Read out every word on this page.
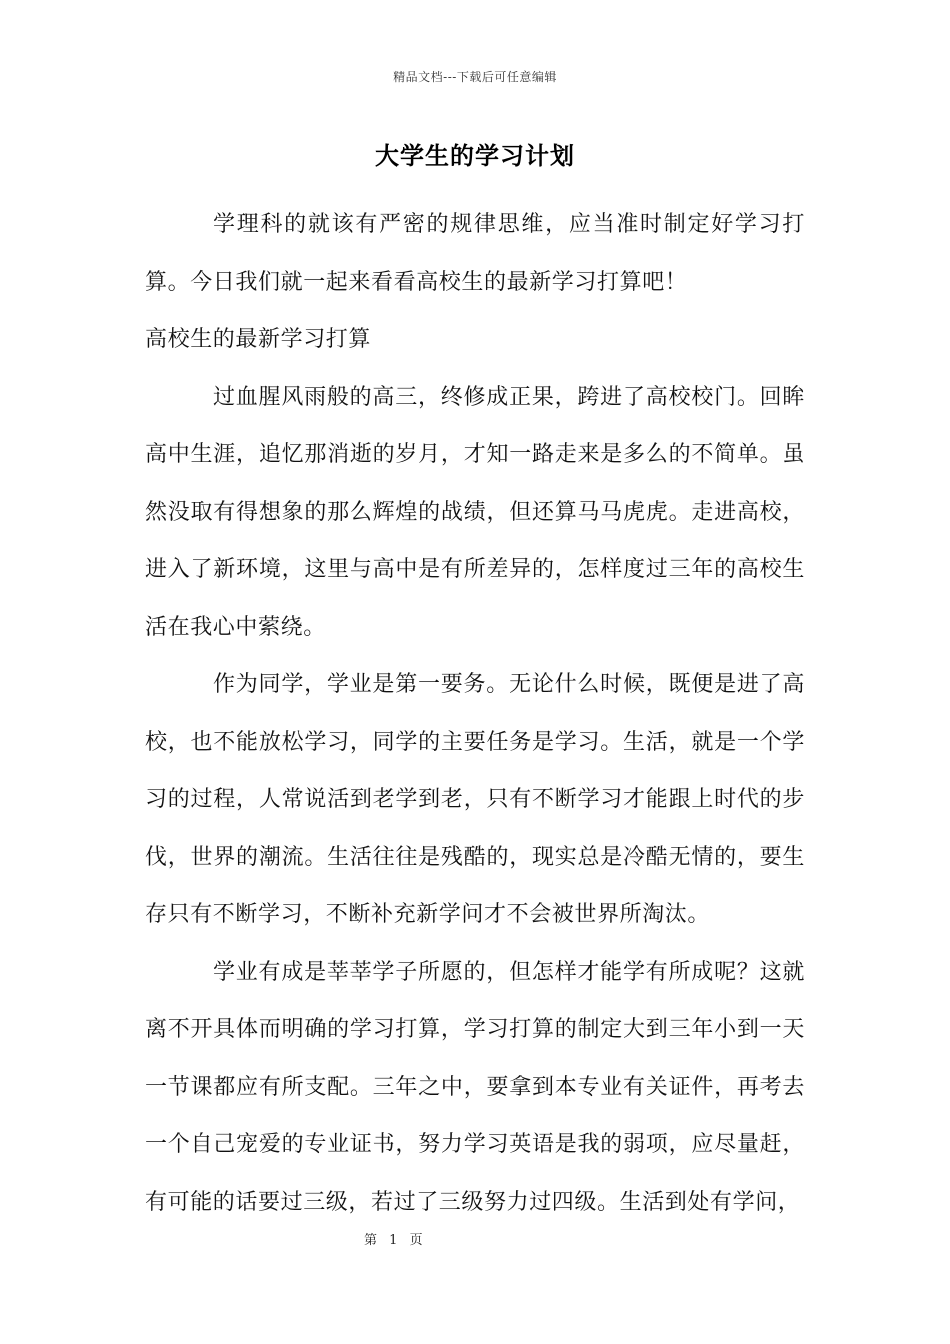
精品文档---下载后可任意编辑
大学生的学习计划

学理科的就该有严密的规律思维，应当准时制定好学习打算。今日我们就一起来看看高校生的最新学习打算吧！

高校生的最新学习打算

过血腥风雨般的高三，终修成正果，跨进了高校校门。回眸高中生涯，追忆那消逝的岁月，才知一路走来是多么的不简单。虽然没取有得想象的那么辉煌的战绩，但还算马马虎虎。走进高校，进入了新环境，这里与高中是有所差异的，怎样度过三年的高校生活在我心中萦绕。

作为同学，学业是第一要务。无论什么时候，既便是进了高校，也不能放松学习，同学的主要任务是学习。生活，就是一个学习的过程，人常说活到老学到老，只有不断学习才能跟上时代的步伐，世界的潮流。生活往往是残酷的，现实总是冷酷无情的，要生存只有不断学习，不断补充新学问才不会被世界所淘汰。

学业有成是莘莘学子所愿的，但怎样才能学有所成呢？这就离不开具体而明确的学习打算，学习打算的制定大到三年小到一天一节课都应有所支配。三年之中，要拿到本专业有关证件，再考去一个自己宠爱的专业证书，努力学习英语是我的弱项，应尽量赶，有可能的话要过三级，若过了三级努力过四级。生活到处有学问，

第 1 页
